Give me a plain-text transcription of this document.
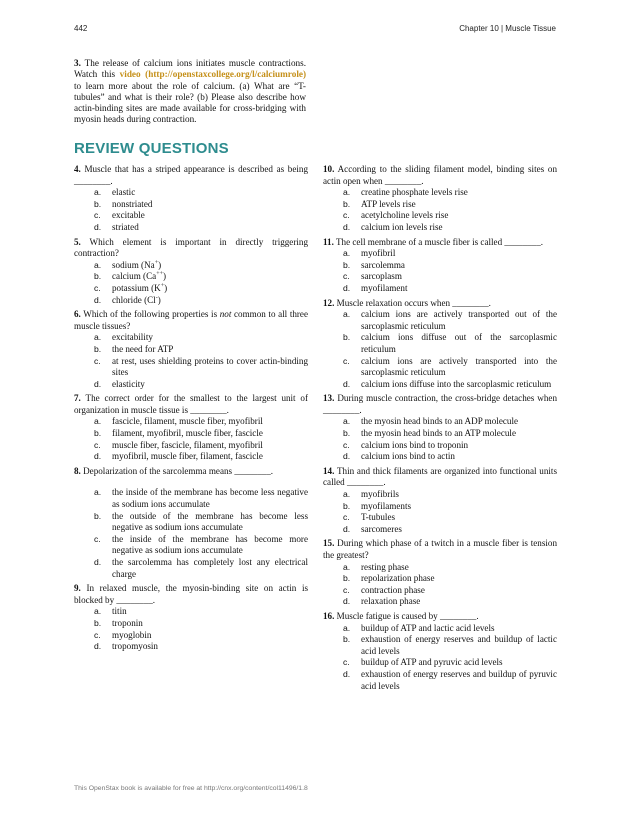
442	Chapter 10 | Muscle Tissue
3. The release of calcium ions initiates muscle contractions. Watch this video (http://openstaxcollege.org/l/calciumrole) to learn more about the role of calcium. (a) What are “T-tubules” and what is their role? (b) Please also describe how actin-binding sites are made available for cross-bridging with myosin heads during contraction.
REVIEW QUESTIONS
4. Muscle that has a striped appearance is described as being ________.
a.	elastic
b.	nonstriated
c.	excitable
d.	striated
5. Which element is important in directly triggering contraction?
a.	sodium (Na+)
b.	calcium (Ca++)
c.	potassium (K+)
d.	chloride (Cl-)
6. Which of the following properties is not common to all three muscle tissues?
a.	excitability
b.	the need for ATP
c.	at rest, uses shielding proteins to cover actin-binding sites
d.	elasticity
7. The correct order for the smallest to the largest unit of organization in muscle tissue is ________.
a.	fascicle, filament, muscle fiber, myofibril
b.	filament, myofibril, muscle fiber, fascicle
c.	muscle fiber, fascicle, filament, myofibril
d.	myofibril, muscle fiber, filament, fascicle
8. Depolarization of the sarcolemma means ________.
a.	the inside of the membrane has become less negative as sodium ions accumulate
b.	the outside of the membrane has become less negative as sodium ions accumulate
c.	the inside of the membrane has become more negative as sodium ions accumulate
d.	the sarcolemma has completely lost any electrical charge
9. In relaxed muscle, the myosin-binding site on actin is blocked by ________.
a.	titin
b.	troponin
c.	myoglobin
d.	tropomyosin
10. According to the sliding filament model, binding sites on actin open when ________.
a.	creatine phosphate levels rise
b.	ATP levels rise
c.	acetylcholine levels rise
d.	calcium ion levels rise
11. The cell membrane of a muscle fiber is called ________.
a.	myofibril
b.	sarcolemma
c.	sarcoplasm
d.	myofilament
12. Muscle relaxation occurs when ________.
a.	calcium ions are actively transported out of the sarcoplasmic reticulum
b.	calcium ions diffuse out of the sarcoplasmic reticulum
c.	calcium ions are actively transported into the sarcoplasmic reticulum
d.	calcium ions diffuse into the sarcoplasmic reticulum
13. During muscle contraction, the cross-bridge detaches when ________.
a.	the myosin head binds to an ADP molecule
b.	the myosin head binds to an ATP molecule
c.	calcium ions bind to troponin
d.	calcium ions bind to actin
14. Thin and thick filaments are organized into functional units called ________.
a.	myofibrils
b.	myofilaments
c.	T-tubules
d.	sarcomeres
15. During which phase of a twitch in a muscle fiber is tension the greatest?
a.	resting phase
b.	repolarization phase
c.	contraction phase
d.	relaxation phase
16. Muscle fatigue is caused by ________.
a.	buildup of ATP and lactic acid levels
b.	exhaustion of energy reserves and buildup of lactic acid levels
c.	buildup of ATP and pyruvic acid levels
d.	exhaustion of energy reserves and buildup of pyruvic acid levels
This OpenStax book is available for free at http://cnx.org/content/col11496/1.8
